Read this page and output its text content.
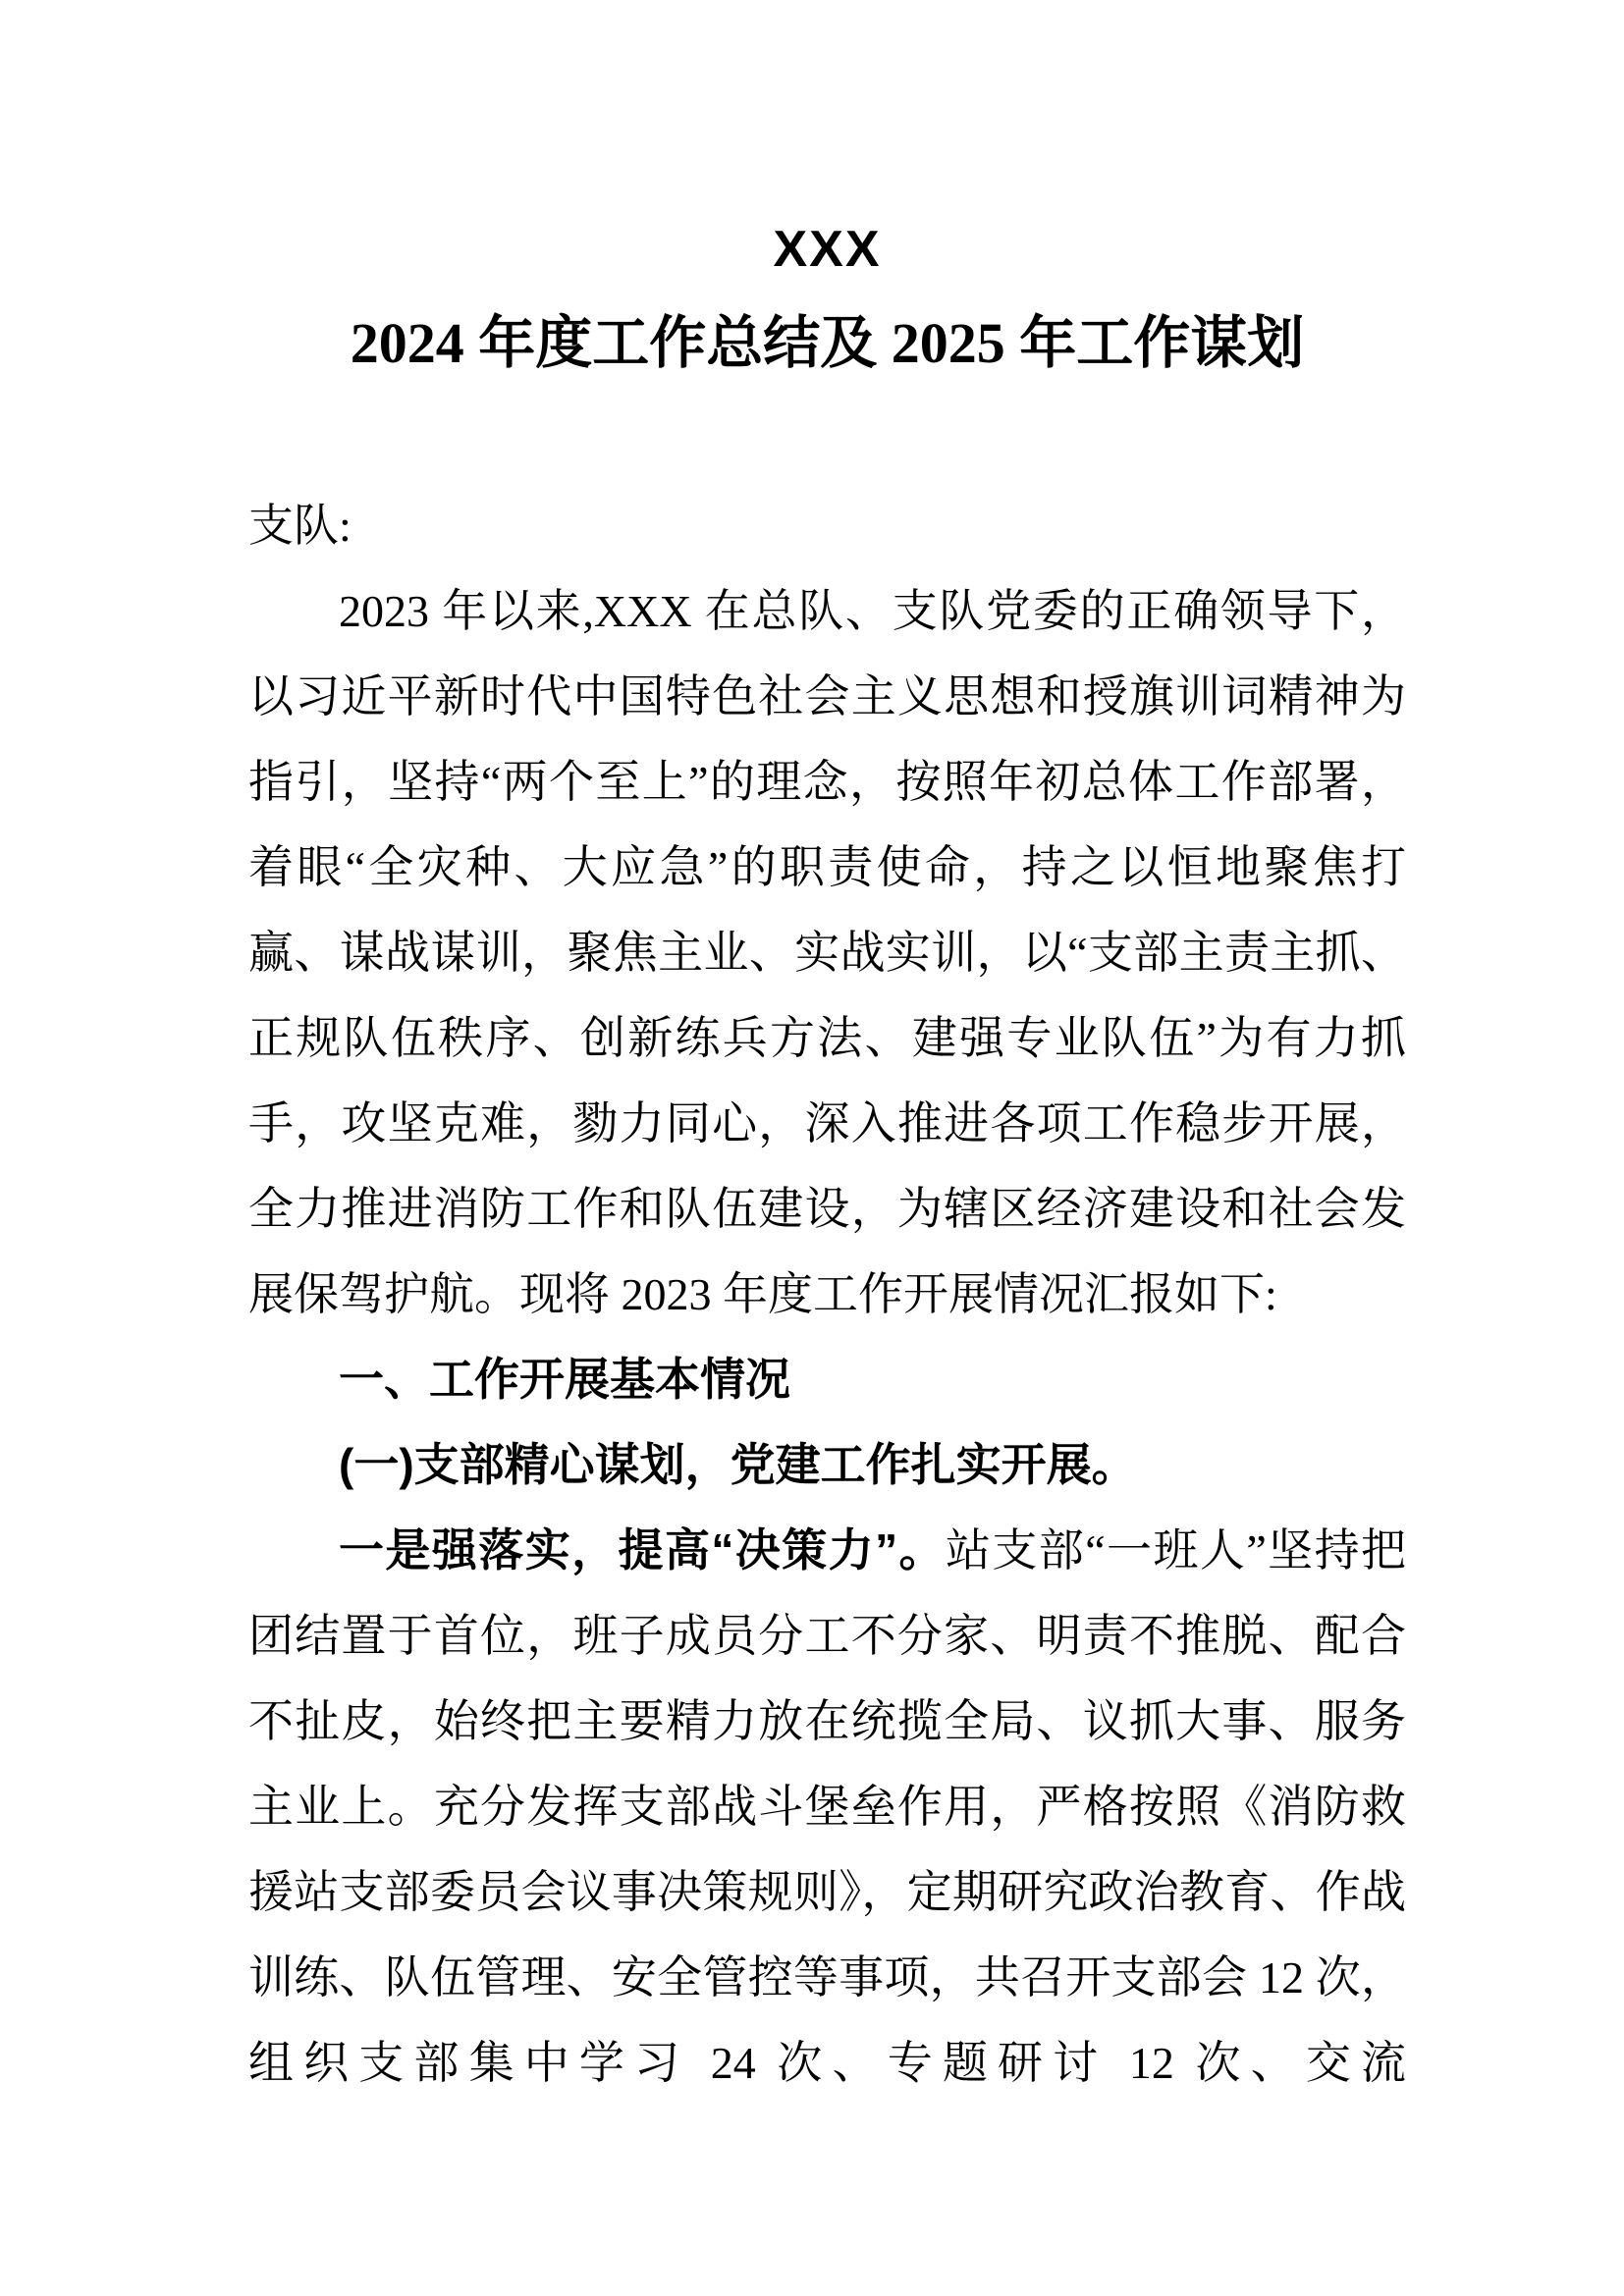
XXX
2024 年度工作总结及 2025 年工作谋划

支队:

2023 年以来,XXX 在总队、支队党委的正确领导下，以习近平新时代中国特色社会主义思想和授旗训词精神为指引，坚持“两个至上”的理念，按照年初总体工作部署，着眼“全灾种、大应急”的职责使命，持之以恒地聚焦打赢、谋战谋训，聚焦主业、实战实训，以“支部主责主抓、正规队伍秩序、创新练兵方法、建强专业队伍”为有力抓手，攻坚克难，勠力同心，深入推进各项工作稳步开展，全力推进消防工作和队伍建设，为辖区经济建设和社会发展保驾护航。现将 2023 年度工作开展情况汇报如下:

一、工作开展基本情况

(一)支部精心谋划，党建工作扎实开展。

一是强落实，提高“决策力”。站支部“一班人”坚持把团结置于首位，班子成员分工不分家、明责不推脱、配合不扯皮，始终把主要精力放在统揽全局、议抓大事、服务主业上。充分发挥支部战斗堡垒作用，严格按照《消防救援站支部委员会议事决策规则》，定期研究政治教育、作战训练、队伍管理、安全管控等事项，共召开支部会 12 次，组织支部集中学习 24 次、专题研讨 12 次、交流
